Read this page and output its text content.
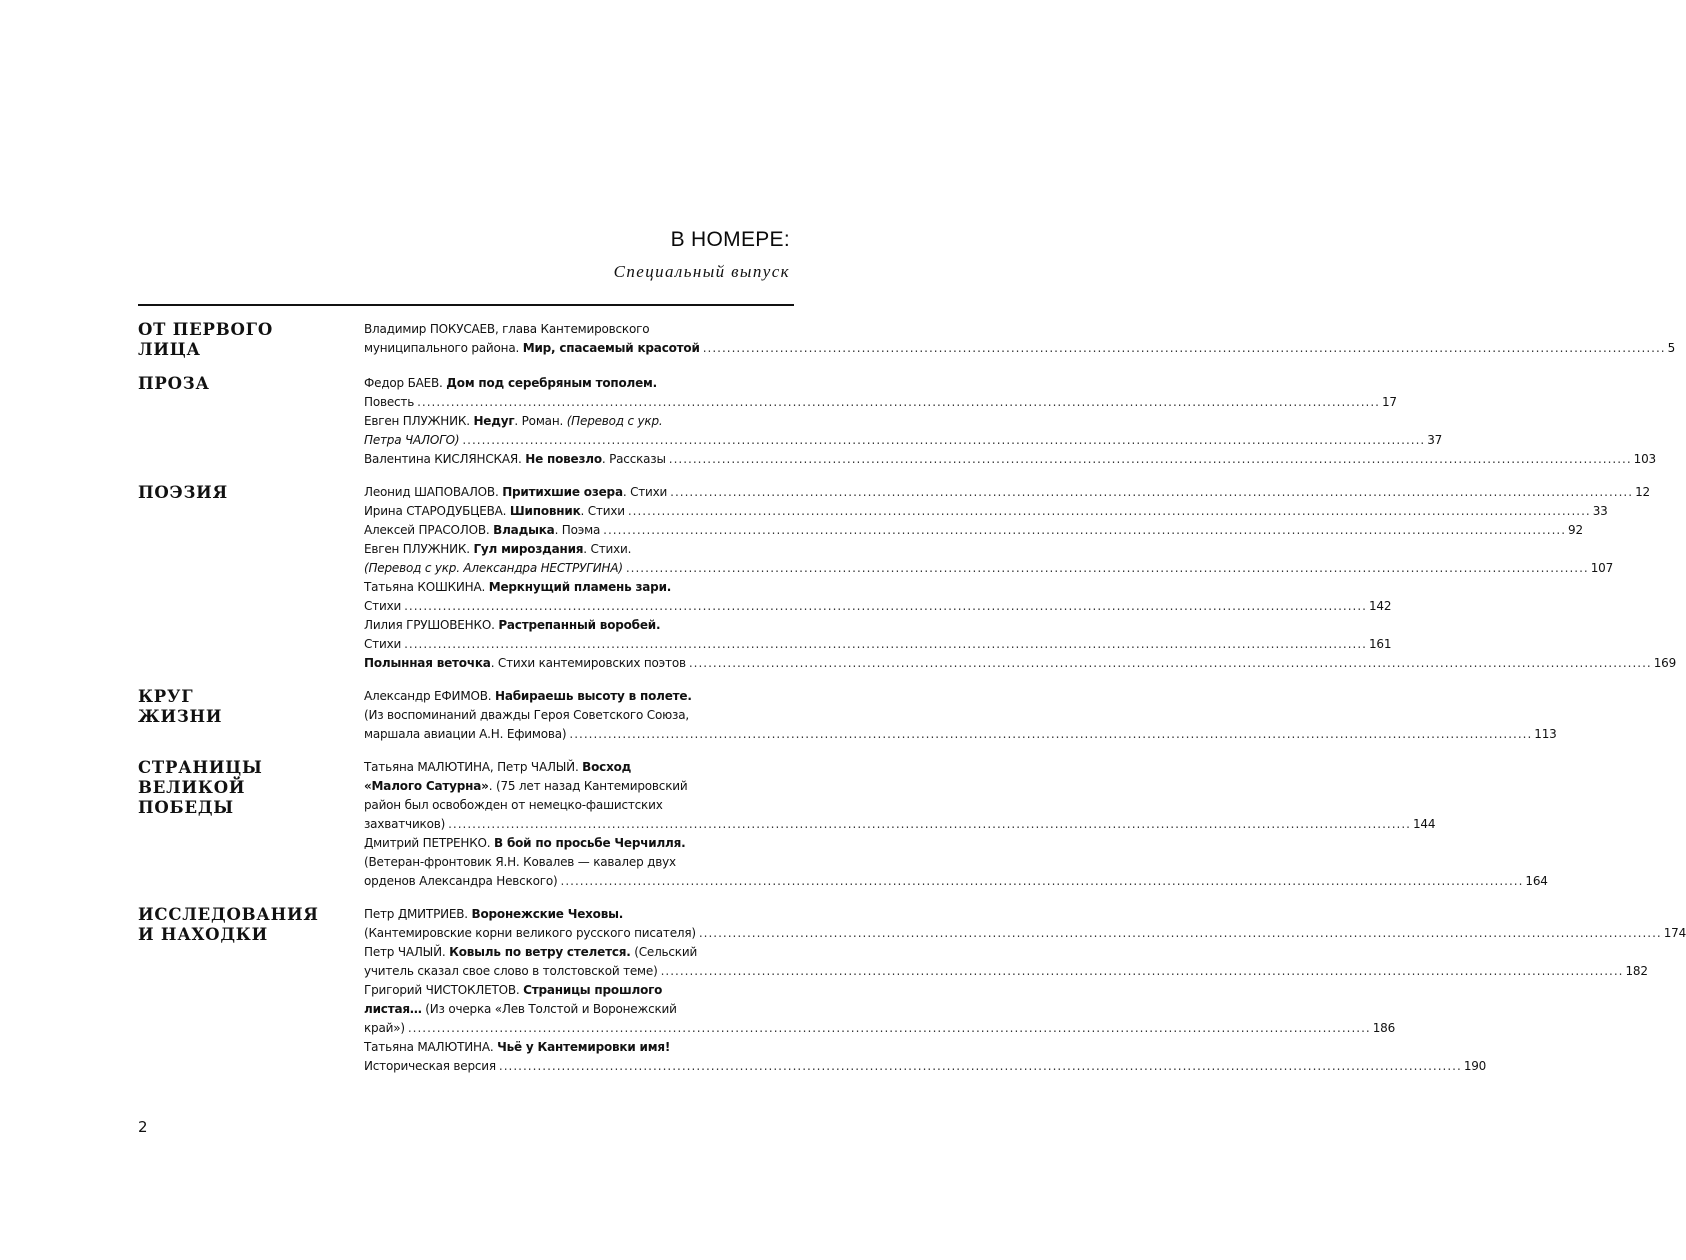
В НОМЕРЕ:
Специальный выпуск
ОТ ПЕРВОГО
ЛИЦА
Владимир ПОКУСАЕВ, глава Кантемировского
муниципального района. Мир, спасаемый красотой ........................................................................................................................................................................................................ 5
ПРОЗА	Федор БАЕВ. Дом под серебряным тополем.
Повесть ........................................................................................................................................................................................................ 17
Евген ПЛУЖНИК. Недуг. Роман. (Перевод с укр.
Петра ЧАЛОГО) ........................................................................................................................................................................................................ 37
Валентина КИСЛЯНСКАЯ. Не повезло. Рассказы ........................................................................................................................................................................................................ 103
ПОЭЗИЯ	Леонид ШАПОВАЛОВ. Притихшие озера. Стихи ........................................................................................................................................................................................................ 12
Ирина СТАРОДУБЦЕВА. Шиповник. Стихи ........................................................................................................................................................................................................ 33
Алексей ПРАСОЛОВ. Владыка. Поэма ........................................................................................................................................................................................................ 92
Евген ПЛУЖНИК. Гул мироздания. Стихи.
(Перевод с укр. Александра НЕСТРУГИНА) ........................................................................................................................................................................................................ 107
Татьяна КОШКИНА. Меркнущий пламень зари.
Стихи ........................................................................................................................................................................................................ 142
Лилия ГРУШОВЕНКО. Растрепанный воробей.
Стихи ........................................................................................................................................................................................................ 161
Полынная веточка. Стихи кантемировских поэтов ........................................................................................................................................................................................................ 169
КРУГ
ЖИЗНИ
Александр ЕФИМОВ. Набираешь высоту в полете.
(Из воспоминаний дважды Героя Советского Союза,
маршала авиации А.Н. Ефимова) ........................................................................................................................................................................................................ 113
СТРАНИЦЫ
ВЕЛИКОЙ
ПОБЕДЫ
Татьяна МАЛЮТИНА, Петр ЧАЛЫЙ. Восход
«Малого Сатурна». (75 лет назад Кантемировский
район был освобожден от немецко-фашистских
захватчиков) ........................................................................................................................................................................................................ 144
Дмитрий ПЕТРЕНКО. В бой по просьбе Черчилля.
(Ветеран-фронтовик Я.Н. Ковалев — кавалер двух
орденов Александра Невского) ........................................................................................................................................................................................................ 164
ИССЛЕДОВАНИЯ
И НАХОДКИ
Петр ДМИТРИЕВ. Воронежские Чеховы.
(Кантемировские корни великого русского писателя) ........................................................................................................................................................................................................ 174
Петр ЧАЛЫЙ. Ковыль по ветру стелется. (Сельский
учитель сказал свое слово в толстовской теме) ........................................................................................................................................................................................................ 182
Григорий ЧИСТОКЛЕТОВ. Страницы прошлого
листая… (Из очерка «Лев Толстой и Воронежский
край») ........................................................................................................................................................................................................ 186
Татьяна МАЛЮТИНА. Чьё у Кантемировки имя!
Историческая версия ........................................................................................................................................................................................................ 190
2
